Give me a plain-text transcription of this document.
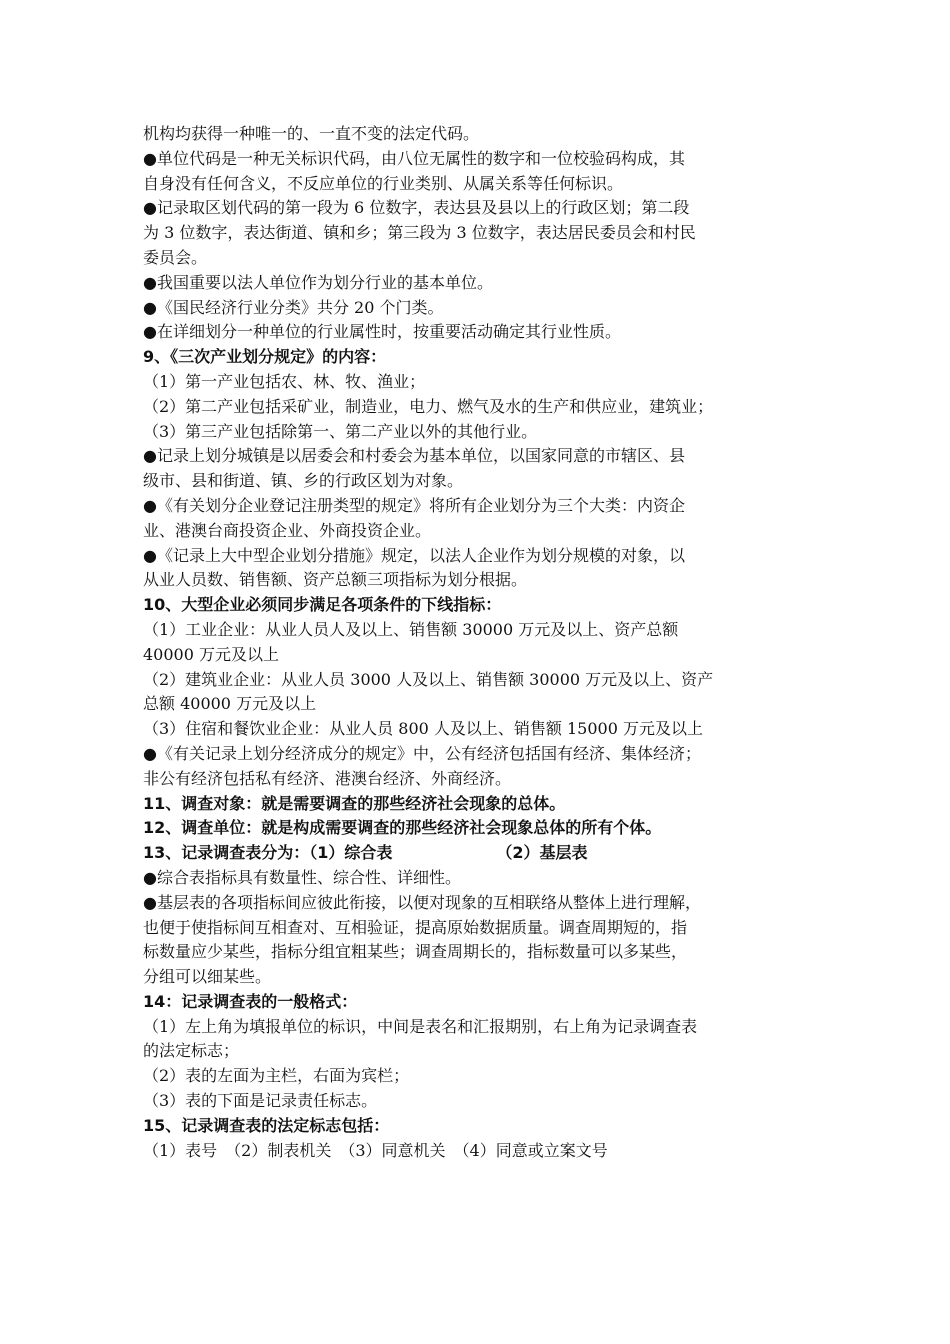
机构均获得一种唯一的、一直不变的法定代码。
●单位代码是一种无关标识代码，由八位无属性的数字和一位校验码构成，其
自身没有任何含义，不反应单位的行业类别、从属关系等任何标识。
●记录取区划代码的第一段为 6 位数字，表达县及县以上的行政区划；第二段
为 3 位数字，表达街道、镇和乡；第三段为 3 位数字，表达居民委员会和村民
委员会。
●我国重要以法人单位作为划分行业的基本单位。
●《国民经济行业分类》共分 20 个门类。
●在详细划分一种单位的行业属性时，按重要活动确定其行业性质。
9、《三次产业划分规定》的内容：
（1）第一产业包括农、林、牧、渔业；
（2）第二产业包括采矿业，制造业，电力、燃气及水的生产和供应业，建筑业；
（3）第三产业包括除第一、第二产业以外的其他行业。
●记录上划分城镇是以居委会和村委会为基本单位，以国家同意的市辖区、县
级市、县和街道、镇、乡的行政区划为对象。
●《有关划分企业登记注册类型的规定》将所有企业划分为三个大类：内资企
业、港澳台商投资企业、外商投资企业。
●《记录上大中型企业划分措施》规定，以法人企业作为划分规模的对象，以
从业人员数、销售额、资产总额三项指标为划分根据。
10、大型企业必须同步满足各项条件的下线指标：
（1）工业企业：从业人员人及以上、销售额 30000 万元及以上、资产总额
40000 万元及以上
（2）建筑业企业：从业人员 3000 人及以上、销售额 30000 万元及以上、资产
总额 40000 万元及以上
（3）住宿和餐饮业企业：从业人员 800 人及以上、销售额 15000 万元及以上
●《有关记录上划分经济成分的规定》中，公有经济包括国有经济、集体经济；
非公有经济包括私有经济、港澳台经济、外商经济。
11、调查对象：就是需要调查的那些经济社会现象的总体。
12、调查单位：就是构成需要调查的那些经济社会现象总体的所有个体。
13、记录调查表分为：（1）综合表　　　　　　　（2）基层表
●综合表指标具有数量性、综合性、详细性。
●基层表的各项指标间应彼此衔接，以便对现象的互相联络从整体上进行理解，
也便于使指标间互相查对、互相验证，提高原始数据质量。调查周期短的，指
标数量应少某些，指标分组宜粗某些；调查周期长的，指标数量可以多某些，
分组可以细某些。
14：记录调查表的一般格式：
（1）左上角为填报单位的标识，中间是表名和汇报期别，右上角为记录调查表
的法定标志；
（2）表的左面为主栏，右面为宾栏；
（3）表的下面是记录责任标志。
15、记录调查表的法定标志包括：
（1）表号　（2）制表机关　（3）同意机关　（4）同意或立案文号
